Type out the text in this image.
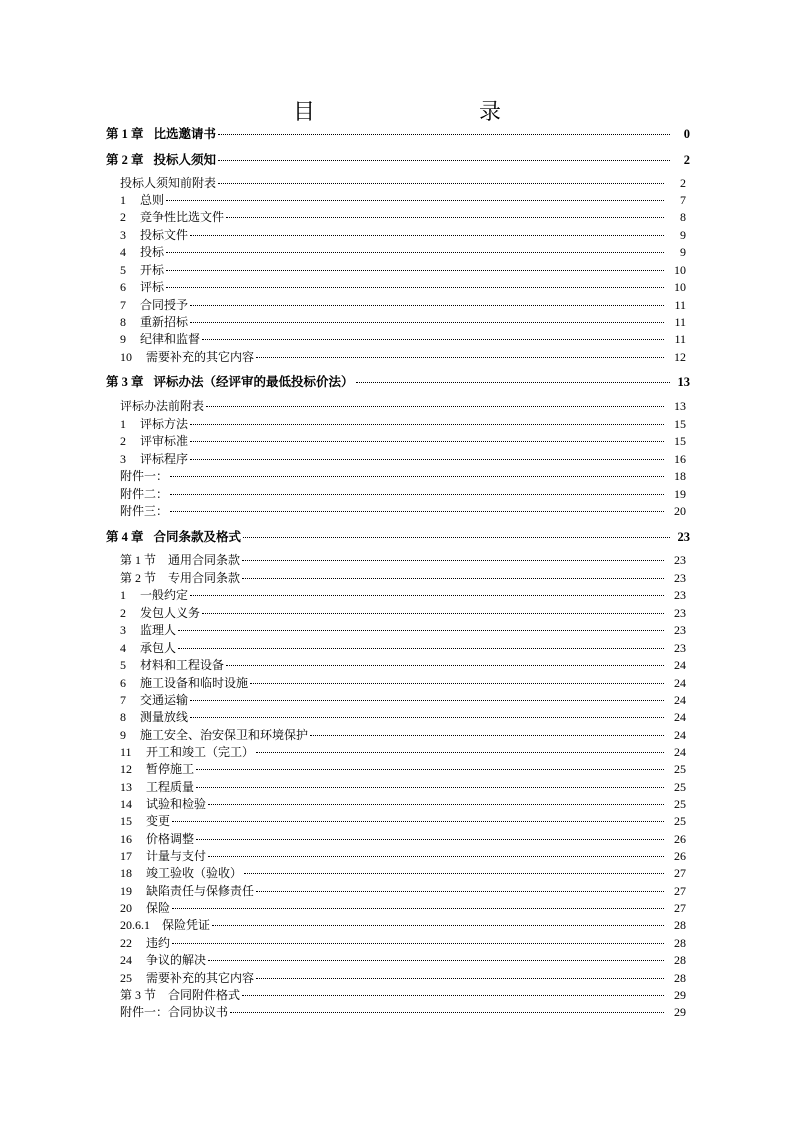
目　　录
第 1 章 比选邀请书	0
第 2 章 投标人须知	2
投标人须知前附表	2
1 总则	7
2 竞争性比选文件	8
3 投标文件	9
4 投标	9
5 开标	10
6 评标	10
7 合同授予	11
8 重新招标	11
9 纪律和监督	11
10 需要补充的其它内容	12
第 3 章 评标办法（经评审的最低投标价法）	13
评标办法前附表	13
1 评标方法	15
2 评审标准	15
3 评标程序	16
附件一：	18
附件二：	19
附件三：	20
第 4 章 合同条款及格式	23
第 1 节 通用合同条款	23
第 2 节 专用合同条款	23
1 一般约定	23
2 发包人义务	23
3 监理人	23
4 承包人	23
5 材料和工程设备	24
6 施工设备和临时设施	24
7 交通运输	24
8 测量放线	24
9 施工安全、治安保卫和环境保护	24
11 开工和竣工（完工）	24
12 暂停施工	25
13 工程质量	25
14 试验和检验	25
15 变更	25
16 价格调整	26
17 计量与支付	26
18 竣工验收（验收）	27
19 缺陷责任与保修责任	27
20 保险	27
20.6.1 保险凭证	28
22 违约	28
24 争议的解决	28
25 需要补充的其它内容	28
第 3 节 合同附件格式	29
附件一：合同协议书	29
